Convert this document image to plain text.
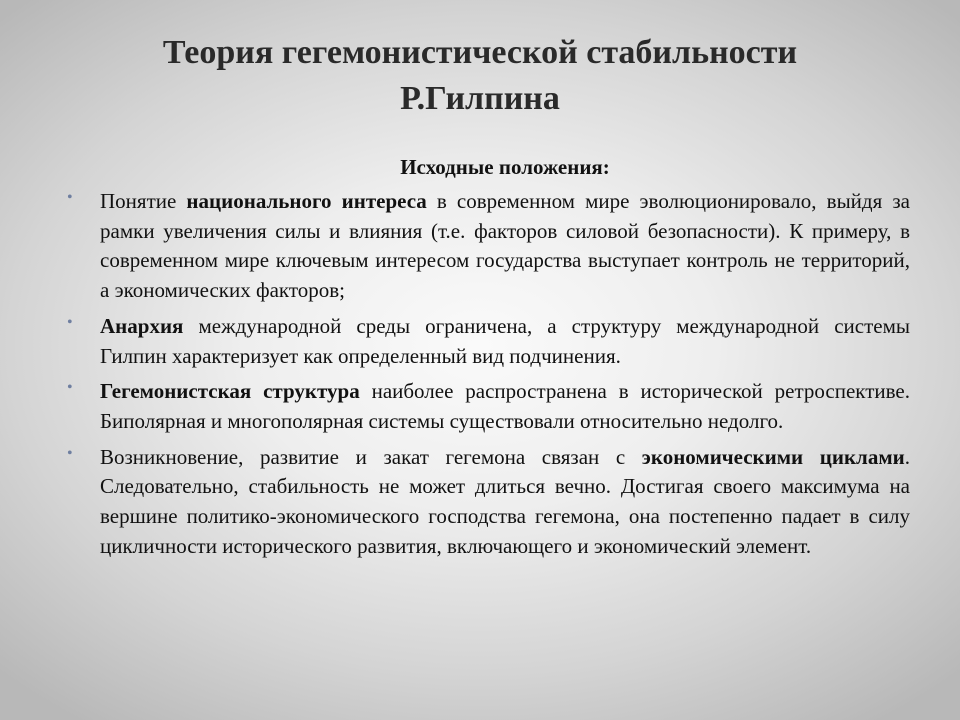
Теория гегемонистической стабильности
Р.Гилпина

Исходные положения:

• Понятие национального интереса в современном мире эволюционировало, выйдя за рамки увеличения силы и влияния (т.е. факторов силовой безопасности). К примеру, в современном мире ключевым интересом государства выступает контроль не территорий, а экономических факторов;
• Анархия международной среды ограничена, а структуру международной системы Гилпин характеризует как определенный вид подчинения.
• Гегемонистская структура наиболее распространена в исторической ретроспективе. Биполярная и многополярная системы существовали относительно недолго.
• Возникновение, развитие и закат гегемона связан с экономическими циклами. Следовательно, стабильность не может длиться вечно. Достигая своего максимума на вершине политико-экономического господства гегемона, она постепенно падает в силу цикличности исторического развития, включающего и экономический элемент.
